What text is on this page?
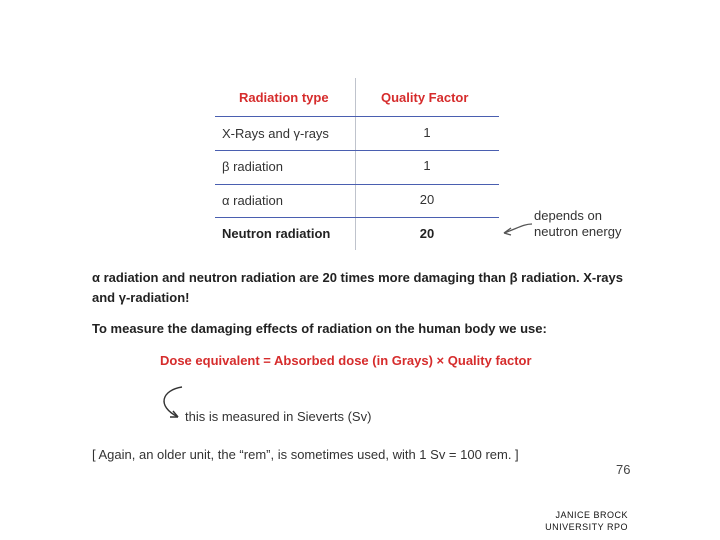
Radiation type	Quality Factor
X-Rays and γ-rays	1
β radiation	1
α radiation	20
Neutron radiation	20
depends on
neutron energy
α radiation and neutron radiation are 20 times more damaging than β radiation. X-rays
and γ-radiation!
To measure the damaging effects of radiation on the human body we use:
Dose equivalent = Absorbed dose (in Grays) × Quality factor
this is measured in Sieverts (Sv)
[ Again, an older unit, the “rem”, is sometimes used, with 1 Sv = 100 rem. ]
76
JANICE BROCK
UNIVERSITY RPO
